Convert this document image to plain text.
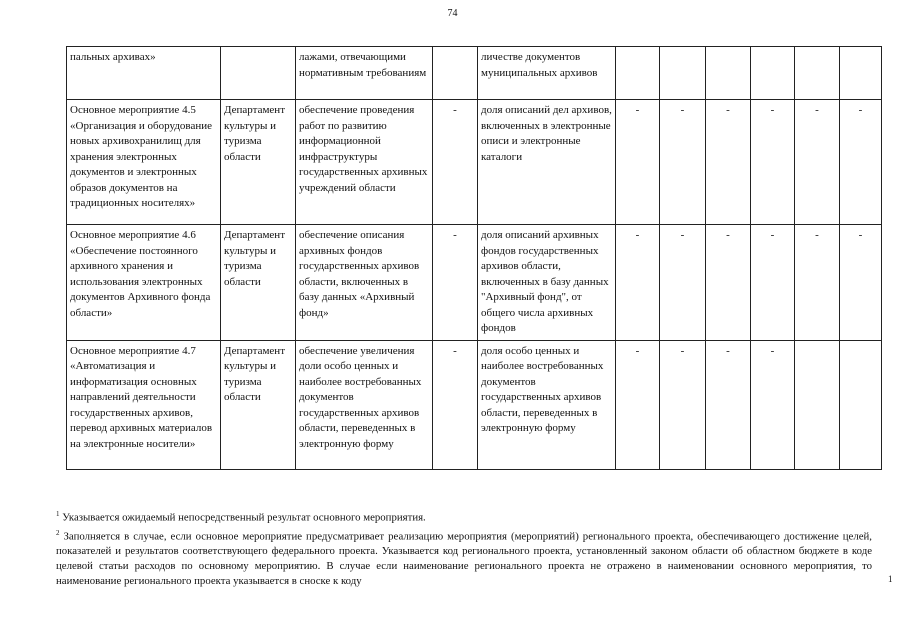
74
пальных архивах»		лажами, отвечающими нормативным требованиям		личестве документов муниципальных архивов						
Основное мероприятие 4.5 «Организация и оборудование новых архивохранилищ для хранения электронных документов и электронных образов документов на традиционных носителях»	Департамент культуры и туризма области	обеспечение проведения работ по развитию информационной инфраструктуры государственных архивных учреждений области	-	доля описаний дел архивов, включенных в электронные описи и электронные каталоги	-	-	-	-	-	-
Основное мероприятие 4.6 «Обеспечение постоянного архивного хранения и использования электронных документов Архивного фонда области»	Департамент культуры и туризма области	обеспечение описания архивных фондов государственных архивов области, включенных в базу данных «Архивный фонд»	-	доля описаний архивных фондов государственных архивов области, включенных в базу данных "Архивный фонд", от общего числа архивных фондов	-	-	-	-	-	-
Основное мероприятие 4.7 «Автоматизация и информатизация основных направлений деятельности государственных архивов, перевод архивных материалов на электронные носители»	Департамент культуры и туризма области	обеспечение увеличения доли особо ценных и наиболее востребованных документов государственных архивов области, переведенных в электронную форму	-	доля особо ценных и наиболее востребованных документов государственных архивов области, переведенных в электронную форму	-	-	-	-		

$^1$ Указывается ожидаемый непосредственный результат основного мероприятия.

$^2$ Заполняется в случае, если основное мероприятие предусматривает реализацию мероприятия (мероприятий) регионального проекта, обеспечивающего достижение целей, показателей и результатов соответствующего федерального проекта. Указывается код регионального проекта, установленный законом области об областном бюджете в коде целевой статьи расходов по основному мероприятию. В случае если наименование регионального проекта не отражено в наименовании основного мероприятия, то наименование регионального проекта указывается в сноске к коду	1
